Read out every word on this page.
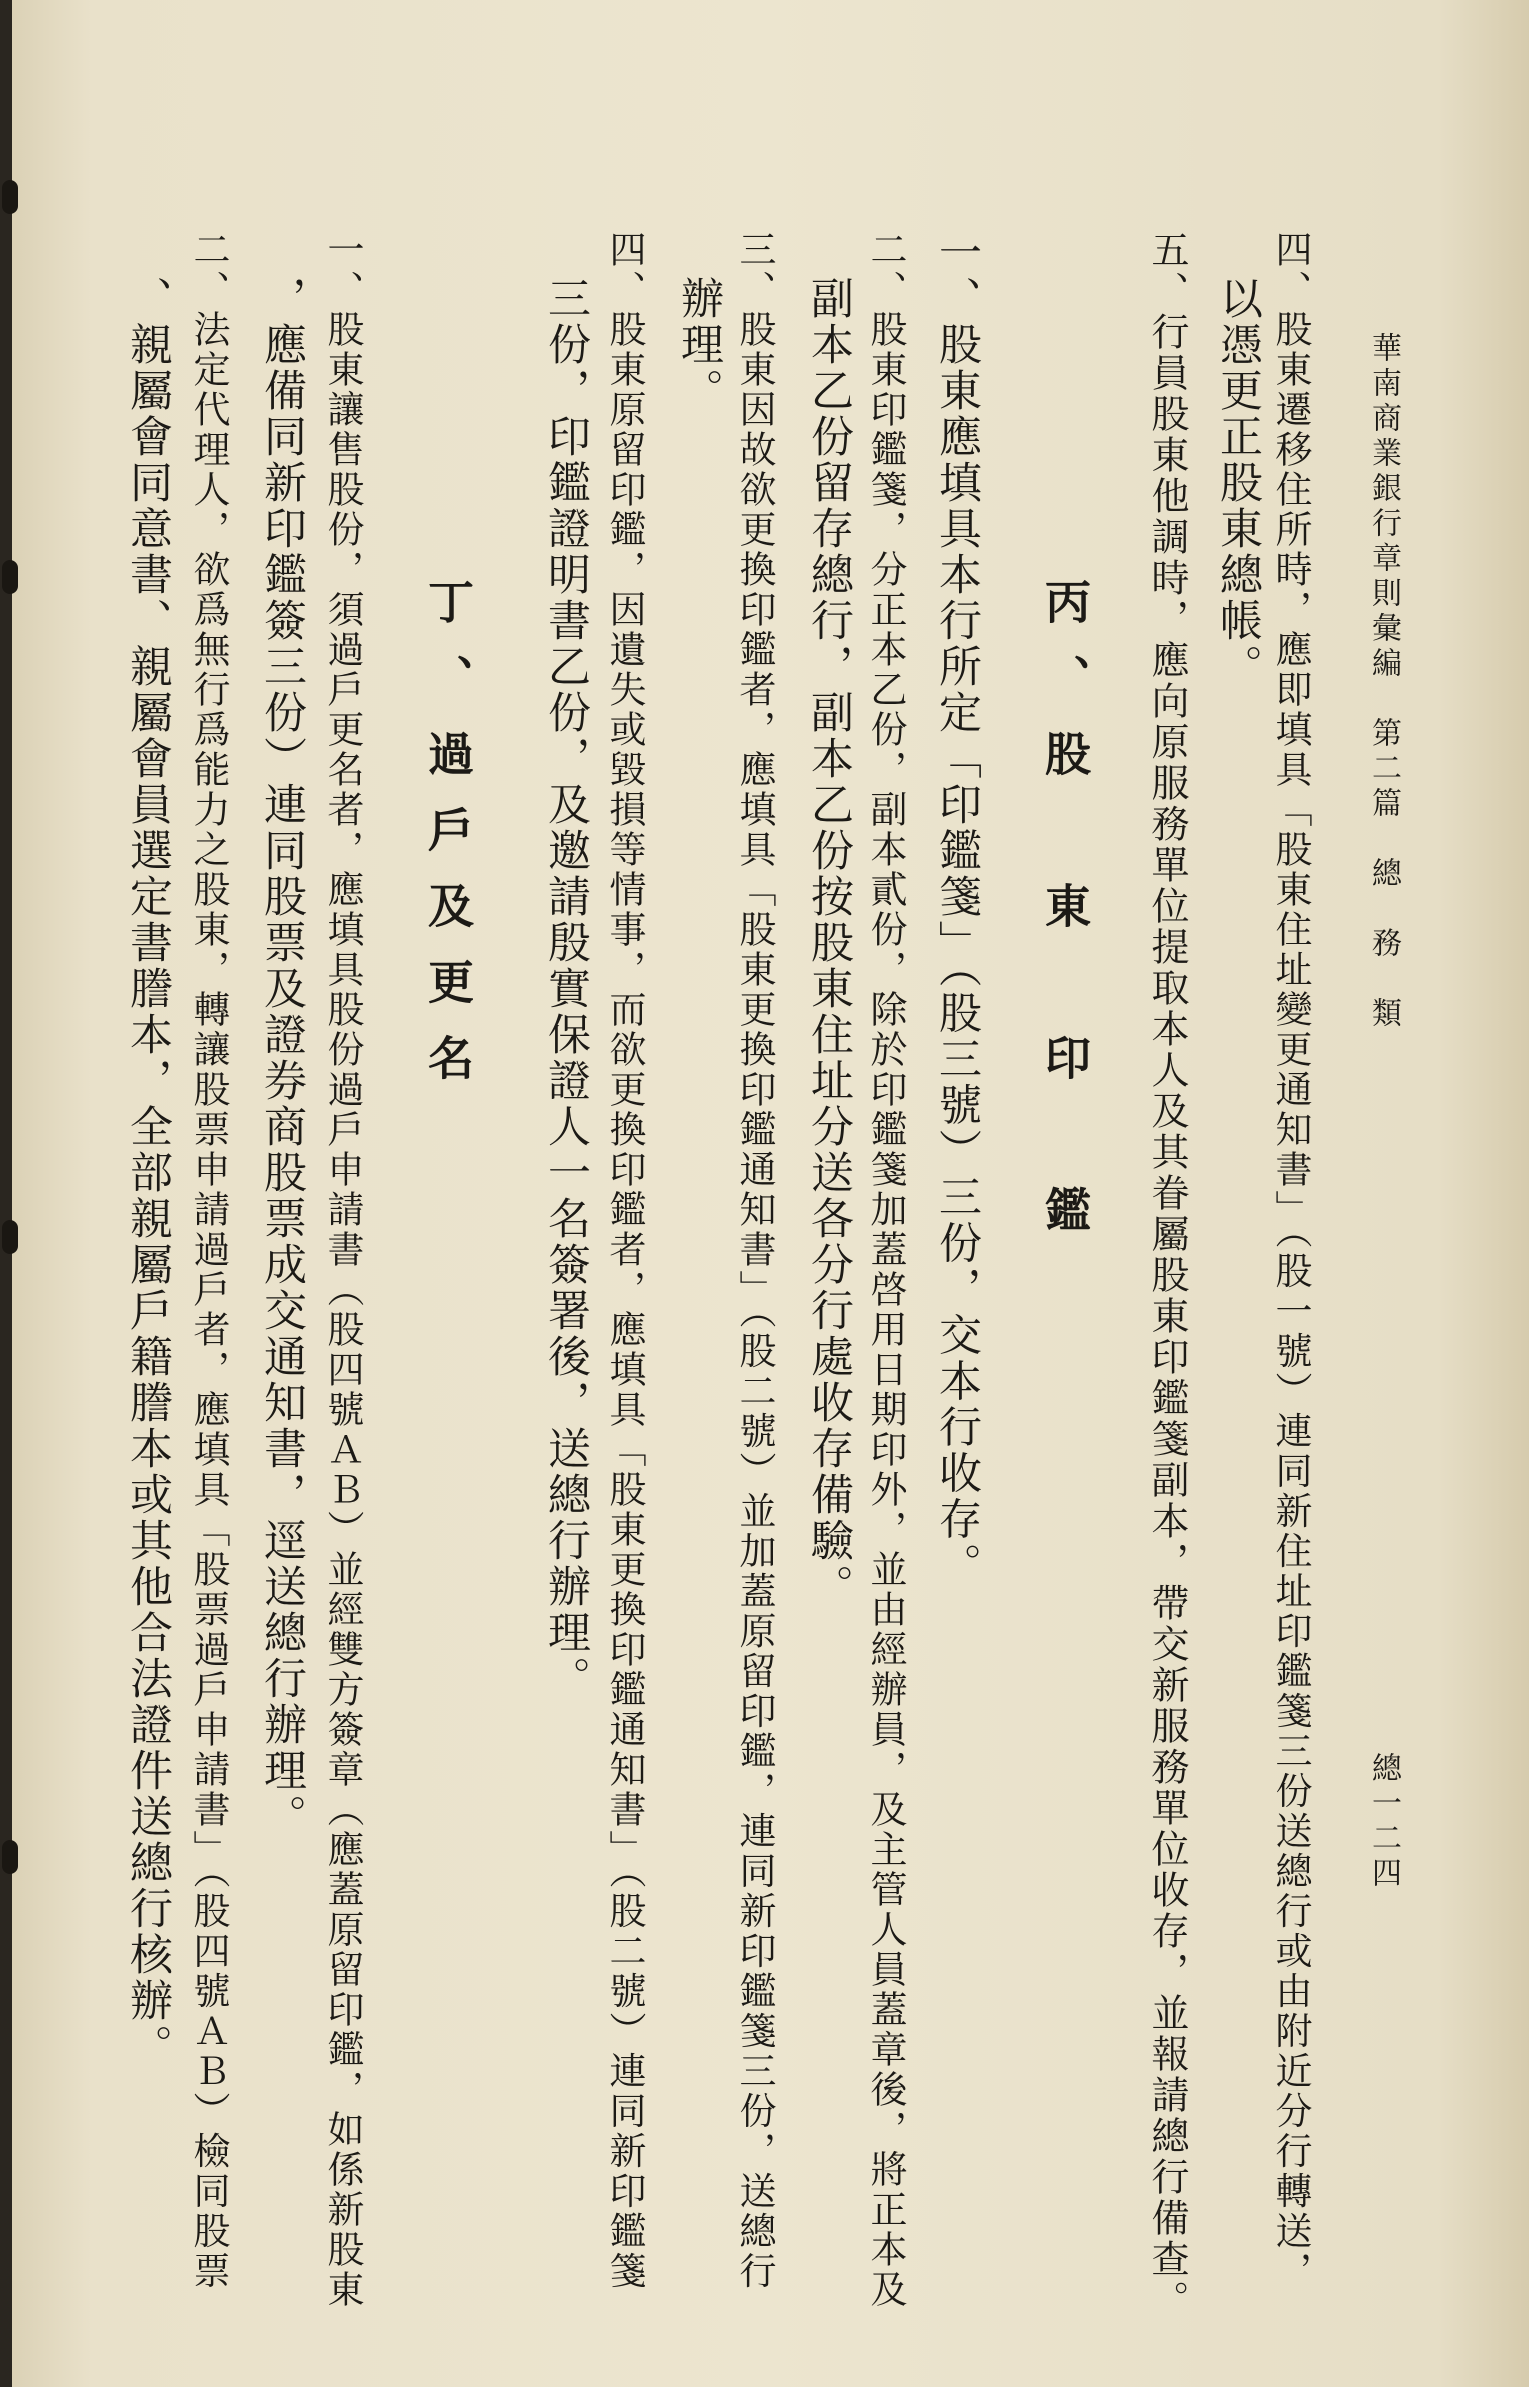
華南商業銀行章則彙編　第二篇　總　務　類
總一二四
四、股東遷移住所時，應即填具「股東住址變更通知書」（股一號）連同新住址印鑑箋三份送總行或由附近分行轉送，
　以憑更正股東總帳。
五、行員股東他調時，應向原服務單位提取本人及其眷屬股東印鑑箋副本，帶交新服務單位收存，並報請總行備查。
丙、股　東　印　鑑
一、股東應填具本行所定「印鑑箋」（股三號）三份，交本行收存。
二、股東印鑑箋，分正本乙份，副本貳份，除於印鑑箋加蓋啓用日期印外，並由經辦員，及主管人員蓋章後，將正本及
　副本乙份留存總行，副本乙份按股東住址分送各分行處收存備驗。
三、股東因故欲更換印鑑者，應填具「股東更換印鑑通知書」（股二號）並加蓋原留印鑑，連同新印鑑箋三份，送總行
　辦理。
四、股東原留印鑑，因遺失或毀損等情事，而欲更換印鑑者，應填具「股東更換印鑑通知書」（股二號）連同新印鑑箋
　三份，印鑑證明書乙份，及邀請殷實保證人一名簽署後，送總行辦理。
丁、過戶及更名
一、股東讓售股份，須過戶更名者，應填具股份過戶申請書（股四號ＡＢ）並經雙方簽章（應蓋原留印鑑，如係新股東
　，應備同新印鑑簽三份）連同股票及證券商股票成交通知書，逕送總行辦理。
二、法定代理人，欲爲無行爲能力之股東，轉讓股票申請過戶者，應填具「股票過戶申請書」（股四號ＡＢ）檢同股票
　、親屬會同意書、親屬會員選定書謄本，全部親屬戶籍謄本或其他合法證件送總行核辦。
